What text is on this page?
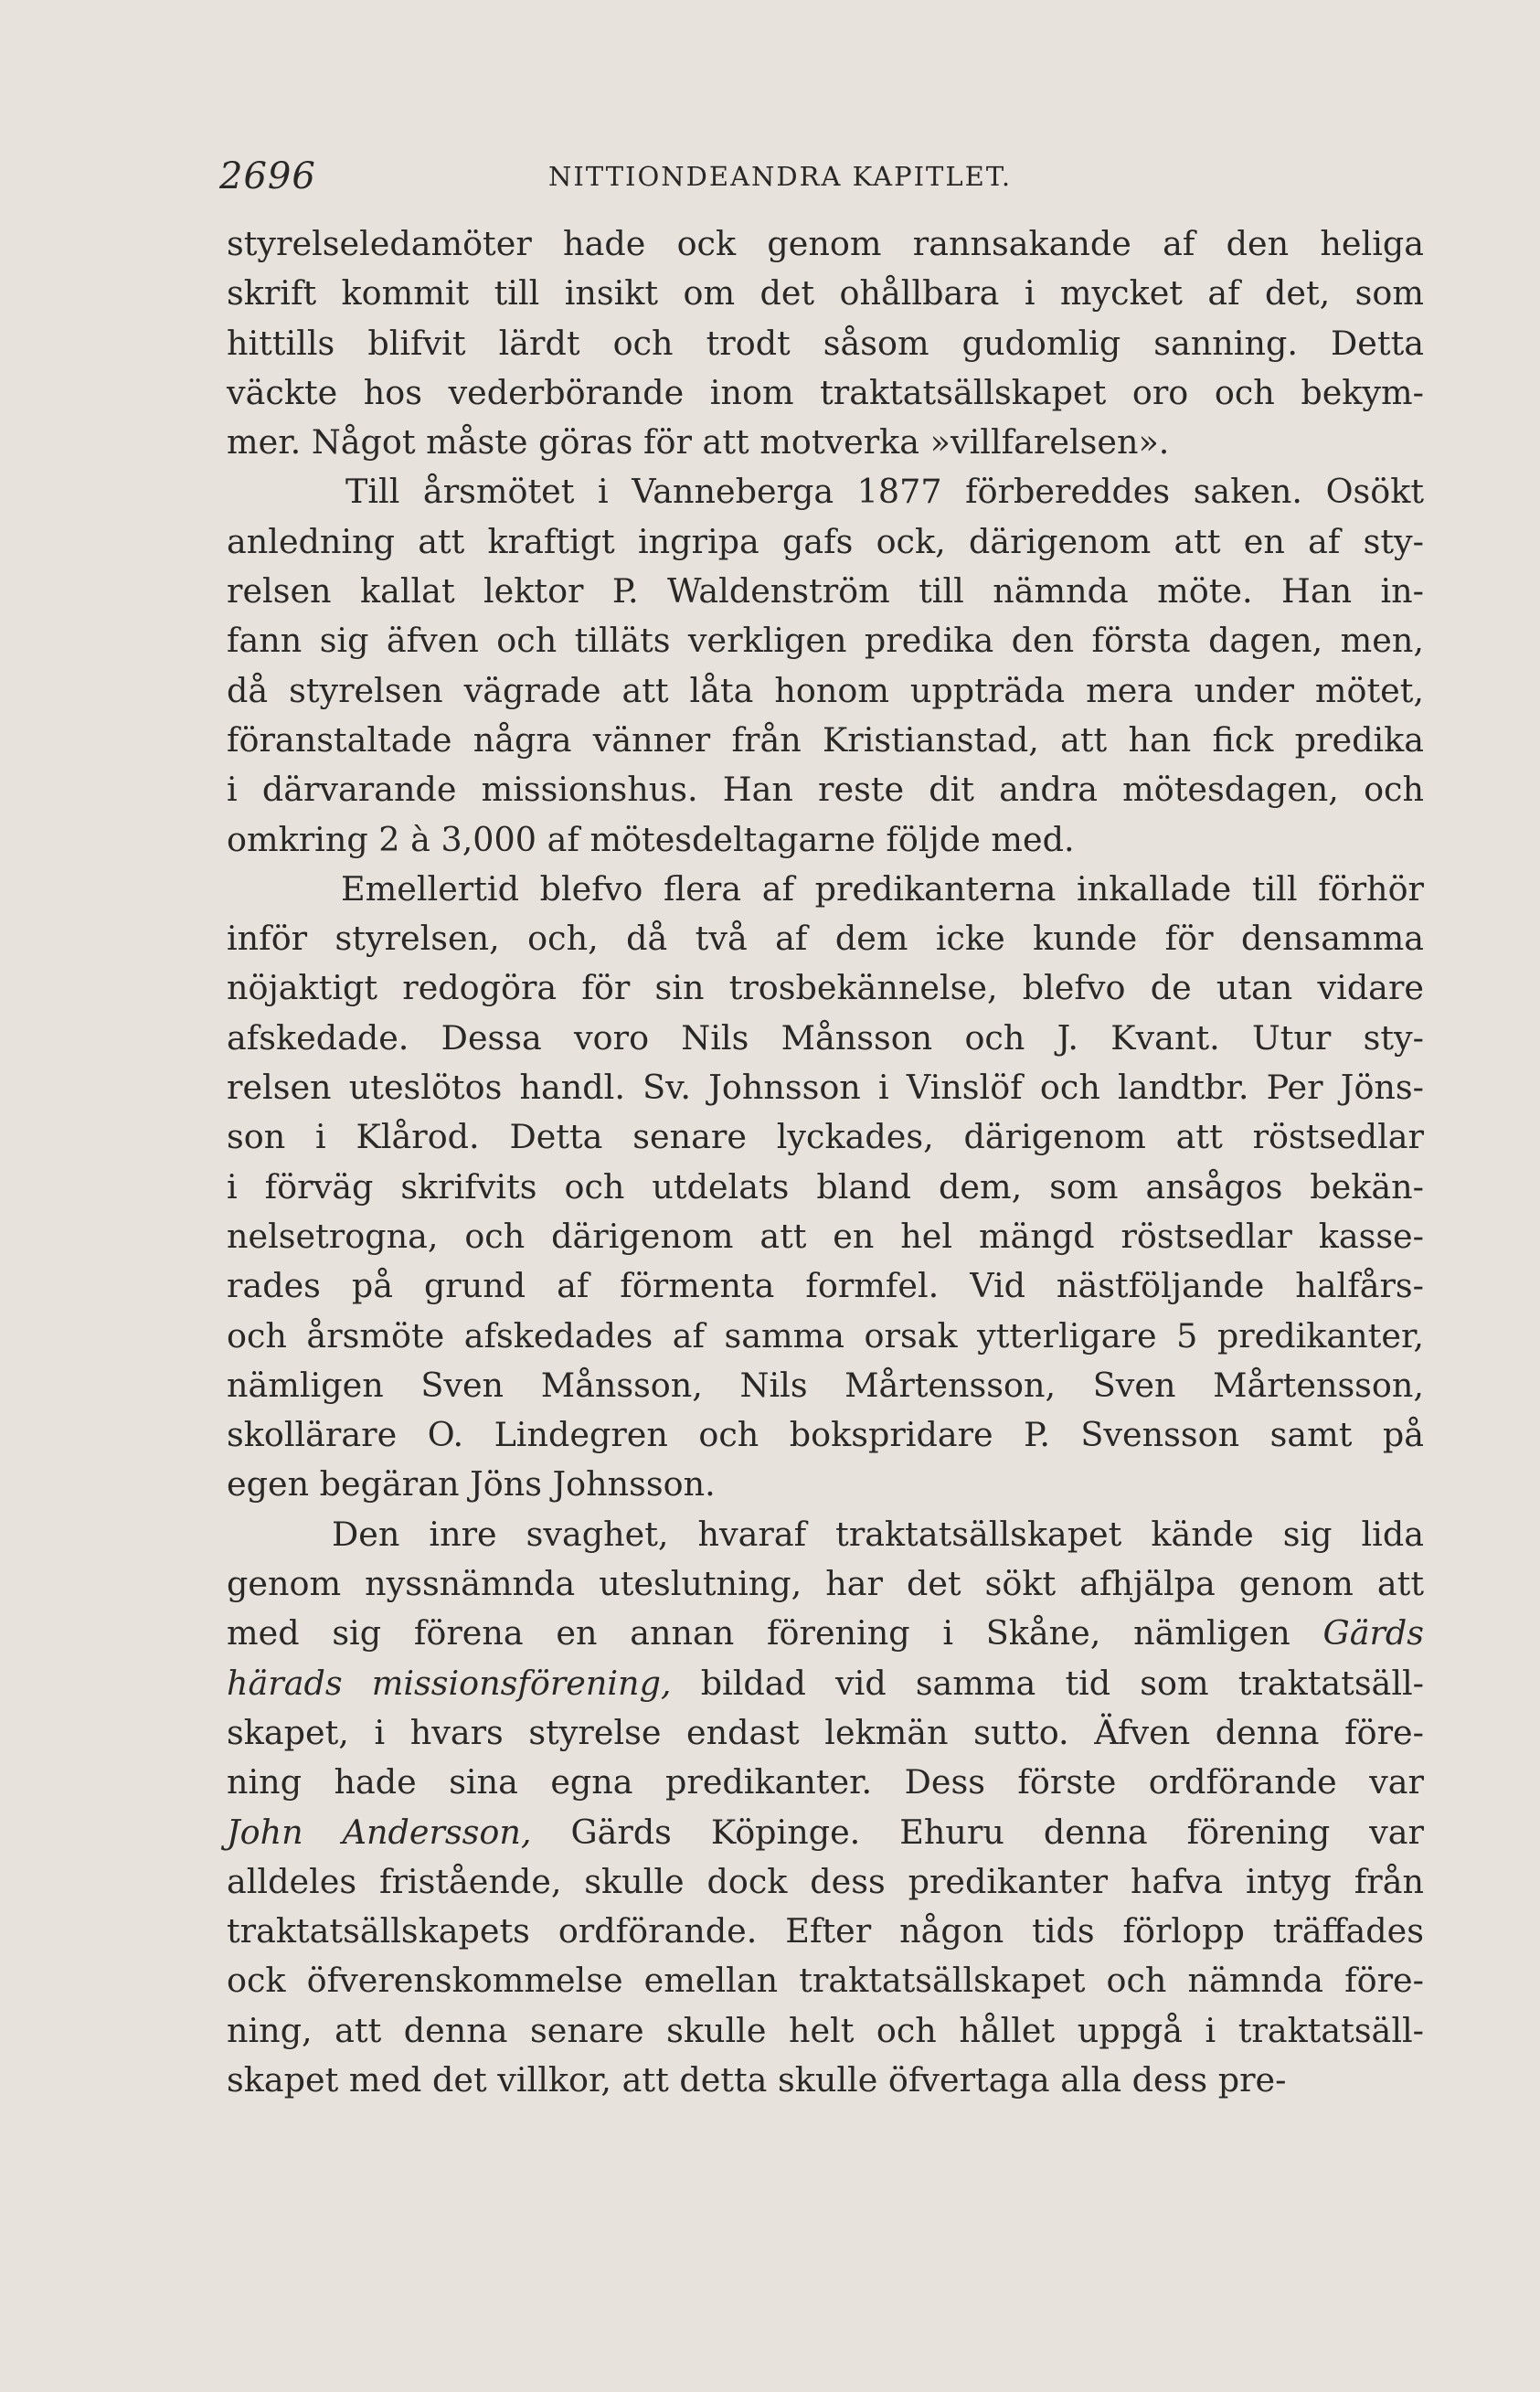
2696	NITTIONDEANDRA KAPITLET.
styrelseledamöter hade ock genom rannsakande af den heliga
skrift kommit till insikt om det ohållbara i mycket af det, som
hittills blifvit lärdt och trodt såsom gudomlig sanning. Detta
väckte hos vederbörande inom traktatsällskapet oro och bekym-
mer. Något måste göras för att motverka »villfarelsen».
Till årsmötet i Vanneberga 1877 förbereddes saken. Osökt
anledning att kraftigt ingripa gafs ock, därigenom att en af sty-
relsen kallat lektor P. Waldenström till nämnda möte. Han in-
fann sig äfven och tilläts verkligen predika den första dagen, men,
då styrelsen vägrade att låta honom uppträda mera under mötet,
föranstaltade några vänner från Kristianstad, att han fick predika
i därvarande missionshus. Han reste dit andra mötesdagen, och
omkring 2 à 3,000 af mötesdeltagarne följde med.
Emellertid blefvo flera af predikanterna inkallade till förhör
inför styrelsen, och, då två af dem icke kunde för densamma
nöjaktigt redogöra för sin trosbekännelse, blefvo de utan vidare
afskedade. Dessa voro Nils Månsson och J. Kvant. Utur sty-
relsen uteslötos handl. Sv. Johnsson i Vinslöf och landtbr. Per Jöns-
son i Klårod. Detta senare lyckades, därigenom att röstsedlar
i förväg skrifvits och utdelats bland dem, som ansågos bekän-
nelsetrogna, och därigenom att en hel mängd röstsedlar kasse-
rades på grund af förmenta formfel. Vid nästföljande halfårs-
och årsmöte afskedades af samma orsak ytterligare 5 predikanter,
nämligen Sven Månsson, Nils Mårtensson, Sven Mårtensson,
skollärare O. Lindegren och bokspridare P. Svensson samt på
egen begäran Jöns Johnsson.
Den inre svaghet, hvaraf traktatsällskapet kände sig lida
genom nyssnämnda uteslutning, har det sökt afhjälpa genom att
med sig förena en annan förening i Skåne, nämligen Gärds
härads missionsförening, bildad vid samma tid som traktatsäll-
skapet, i hvars styrelse endast lekmän sutto. Äfven denna före-
ning hade sina egna predikanter. Dess förste ordförande var
John Andersson, Gärds Köpinge. Ehuru denna förening var
alldeles fristående, skulle dock dess predikanter hafva intyg från
traktatsällskapets ordförande. Efter någon tids förlopp träffades
ock öfverenskommelse emellan traktatsällskapet och nämnda före-
ning, att denna senare skulle helt och hållet uppgå i traktatsäll-
skapet med det villkor, att detta skulle öfvertaga alla dess pre-
